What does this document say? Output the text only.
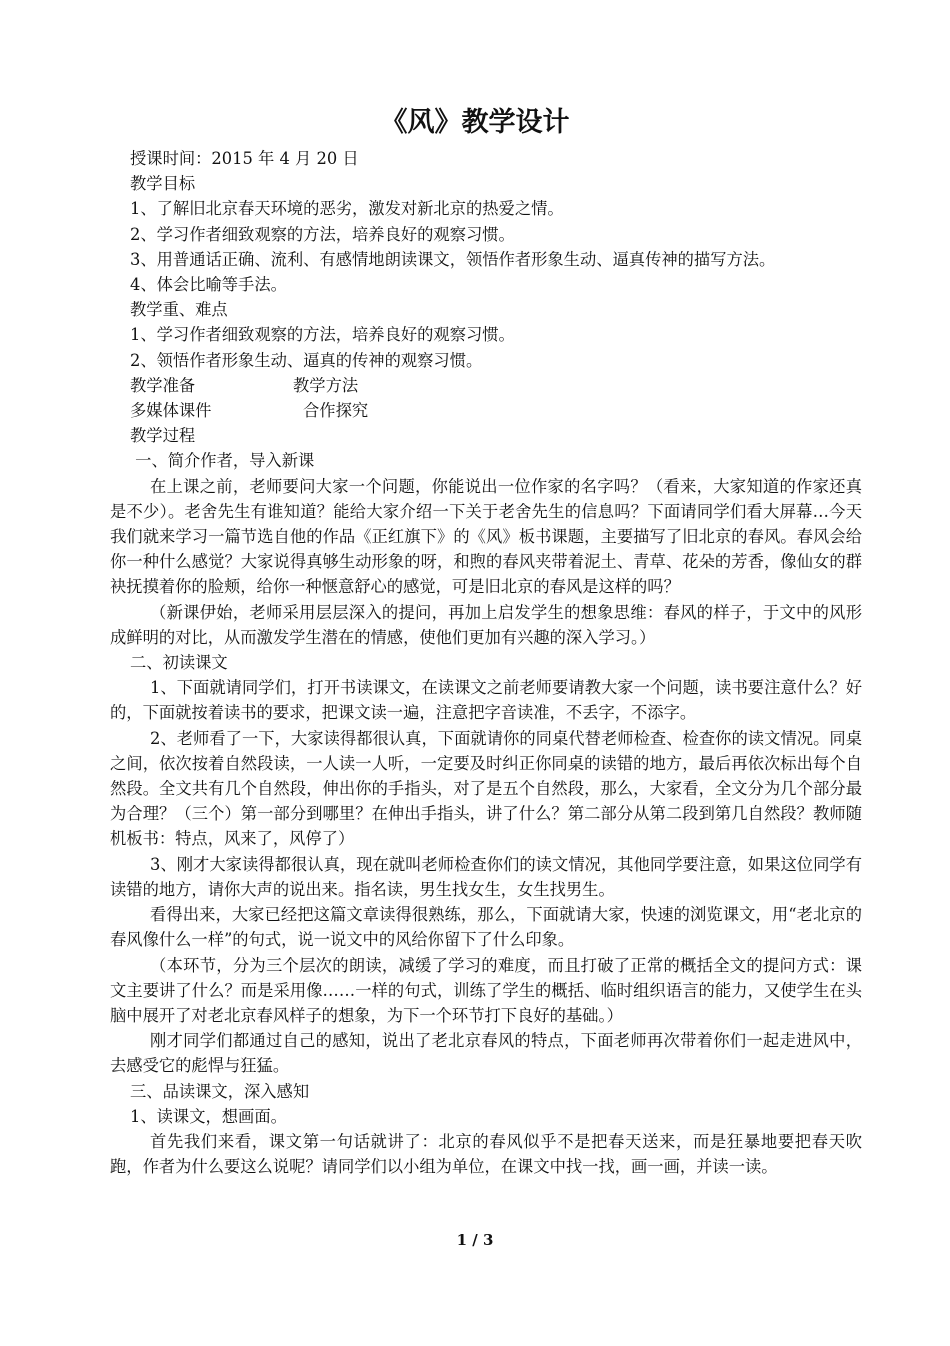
《风》教学设计

授课时间：2015 年 4 月 20 日

教学目标

1、了解旧北京春天环境的恶劣，激发对新北京的热爱之情。

2、学习作者细致观察的方法，培养良好的观察习惯。

3、用普通话正确、流利、有感情地朗读课文，领悟作者形象生动、逼真传神的描写方法。

4、体会比喻等手法。

教学重、难点

1、学习作者细致观察的方法，培养良好的观察习惯。

2、领悟作者形象生动、逼真的传神的观察习惯。

教学准备	教学方法
多媒体课件	合作探究

教学过程

一、简介作者，导入新课

在上课之前，老师要问大家一个问题，你能说出一位作家的名字吗？（看来，大家知道的作家还真是不少）。老舍先生有谁知道？能给大家介绍一下关于老舍先生的信息吗？下面请同学们看大屏幕…今天我们就来学习一篇节选自他的作品《正红旗下》的《风》板书课题，主要描写了旧北京的春风。春风会给你一种什么感觉？大家说得真够生动形象的呀，和煦的春风夹带着泥土、青草、花朵的芳香，像仙女的群袂抚摸着你的脸颊，给你一种惬意舒心的感觉，可是旧北京的春风是这样的吗？

（新课伊始，老师采用层层深入的提问，再加上启发学生的想象思维：春风的样子，于文中的风形成鲜明的对比，从而激发学生潜在的情感，使他们更加有兴趣的深入学习。）

二、初读课文

1、下面就请同学们，打开书读课文，在读课文之前老师要请教大家一个问题，读书要注意什么？好的，下面就按着读书的要求，把课文读一遍，注意把字音读准，不丢字，不添字。

2、老师看了一下，大家读得都很认真，下面就请你的同桌代替老师检查、检查你的读文情况。同桌之间，依次按着自然段读，一人读一人听，一定要及时纠正你同桌的读错的地方，最后再依次标出每个自然段。全文共有几个自然段，伸出你的手指头，对了是五个自然段，那么，大家看，全文分为几个部分最为合理？（三个）第一部分到哪里？在伸出手指头，讲了什么？第二部分从第二段到第几自然段？教师随机板书：特点，风来了，风停了）

3、刚才大家读得都很认真，现在就叫老师检查你们的读文情况，其他同学要注意，如果这位同学有读错的地方，请你大声的说出来。指名读，男生找女生，女生找男生。

看得出来，大家已经把这篇文章读得很熟练，那么，下面就请大家，快速的浏览课文，用“老北京的春风像什么一样”的句式，说一说文中的风给你留下了什么印象。

（本环节，分为三个层次的朗读，减缓了学习的难度，而且打破了正常的概括全文的提问方式：课文主要讲了什么？而是采用像……一样的句式，训练了学生的概括、临时组织语言的能力，又使学生在头脑中展开了对老北京春风样子的想象，为下一个环节打下良好的基础。）

刚才同学们都通过自己的感知，说出了老北京春风的特点，下面老师再次带着你们一起走进风中，去感受它的彪悍与狂猛。

三、品读课文，深入感知

1、读课文，想画面。

首先我们来看，课文第一句话就讲了：北京的春风似乎不是把春天送来，而是狂暴地要把春天吹跑，作者为什么要这么说呢？请同学们以小组为单位，在课文中找一找，画一画，并读一读。

1 / 3
